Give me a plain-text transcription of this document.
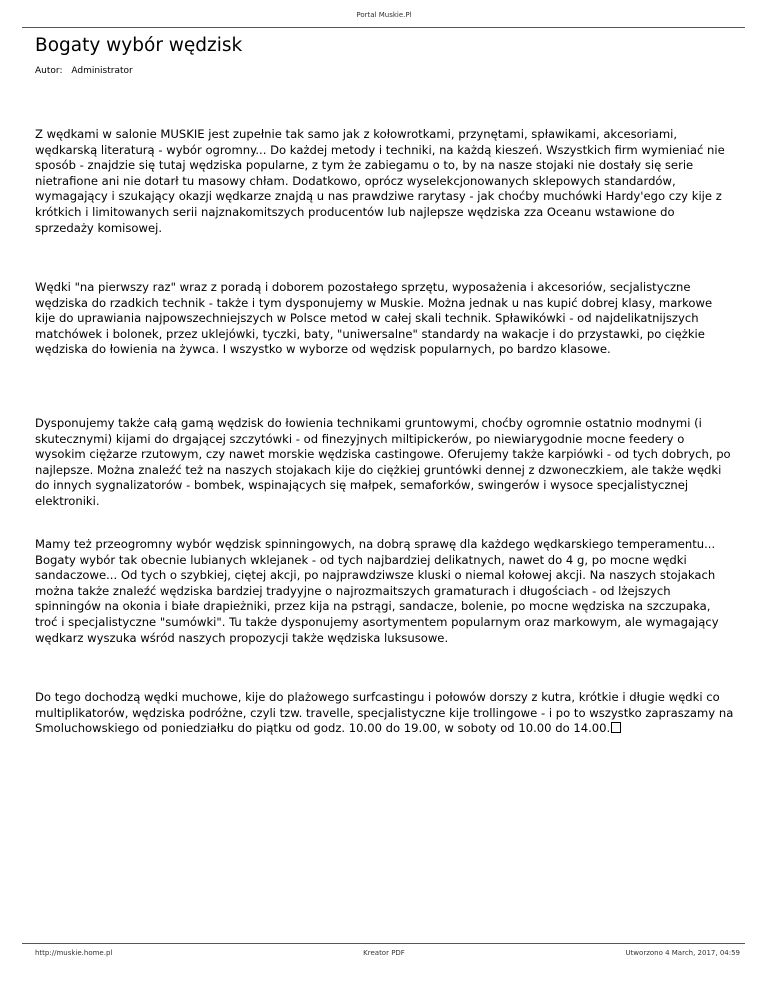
Portal Muskie.Pl
Bogaty wybór wędzisk
Autor: Administrator

Z wędkami w salonie MUSKIE jest zupełnie tak samo jak z kołowrotkami, przynętami, spławikami, akcesoriami, wędkarską literaturą - wybór ogromny... Do każdej metody i techniki, na każdą kieszeń. Wszystkich firm wymieniać nie sposób - znajdzie się tutaj wędziska popularne, z tym że zabiegamu o to, by na nasze stojaki nie dostały się serie nietrafione ani nie dotarł tu masowy chłam. Dodatkowo, oprócz wyselekcjonowanych sklepowych standardów, wymagający i szukający okazji wędkarze znajdą u nas prawdziwe rarytasy - jak choćby muchówki Hardy'ego czy kije z krótkich i limitowanych serii najznakomitszych producentów lub najlepsze wędziska zza Oceanu wstawione do sprzedaży komisowej.

Wędki "na pierwszy raz" wraz z poradą i doborem pozostałego sprzętu, wyposażenia i akcesoriów, secjalistyczne wędziska do rzadkich technik - także i tym dysponujemy w Muskie. Można jednak u nas kupić dobrej klasy, markowe kije do uprawiania najpowszechniejszych w Polsce metod w całej skali technik. Spławikówki - od najdelikatnijszych matchówek i bolonek, przez uklejówki, tyczki, baty, "uniwersalne" standardy na wakacje i do przystawki, po ciężkie wędziska do łowienia na żywca. I wszystko w wyborze od wędzisk popularnych, po bardzo klasowe.

Dysponujemy także całą gamą wędzisk do łowienia technikami gruntowymi, choćby ogromnie ostatnio modnymi (i skutecznymi) kijami do drgającej szczytówki - od finezyjnych miltipickerów, po niewiarygodnie mocne feedery o wysokim ciężarze rzutowym, czy nawet morskie wędziska castingowe. Oferujemy także karpiówki - od tych dobrych, po najlepsze. Można znaleźć też na naszych stojakach kije do ciężkiej gruntówki dennej z dzwoneczkiem, ale także wędki do innych sygnalizatorów - bombek, wspinających się małpek, semaforków, swingerów i wysoce specjalistycznej elektroniki.

Mamy też przeogromny wybór wędzisk spinningowych, na dobrą sprawę dla każdego wędkarskiego temperamentu... Bogaty wybór tak obecnie lubianych wklejanek - od tych najbardziej delikatnych, nawet do 4 g, po mocne wędki sandaczowe... Od tych o szybkiej, ciętej akcji, po najprawdziwsze kluski o niemal kołowej akcji. Na naszych stojakach można także znaleźć wędziska bardziej tradyyjne o najrozmaitszych gramaturach i długościach - od lżejszych spinningów na okonia i białe drapieżniki, przez kija na pstrągi, sandacze, bolenie, po mocne wędziska na szczupaka, troć i specjalistyczne "sumówki". Tu także dysponujemy asortymentem popularnym oraz markowym, ale wymagający wędkarz wyszuka wśród naszych propozycji także wędziska luksusowe.

Do tego dochodzą wędki muchowe, kije do plażowego surfcastingu i połowów dorszy z kutra, krótkie i długie wędki co multiplikatorów, wędziska podróżne, czyli tzw. travelle, specjalistyczne kije trollingowe - i po to wszystko zapraszamy na Smoluchowskiego od poniedziałku do piątku od godz. 10.00 do 19.00, w soboty od 10.00 do 14.00.

http://muskie.home.pl	Kreator PDF	Utworzono 4 March, 2017, 04:59
